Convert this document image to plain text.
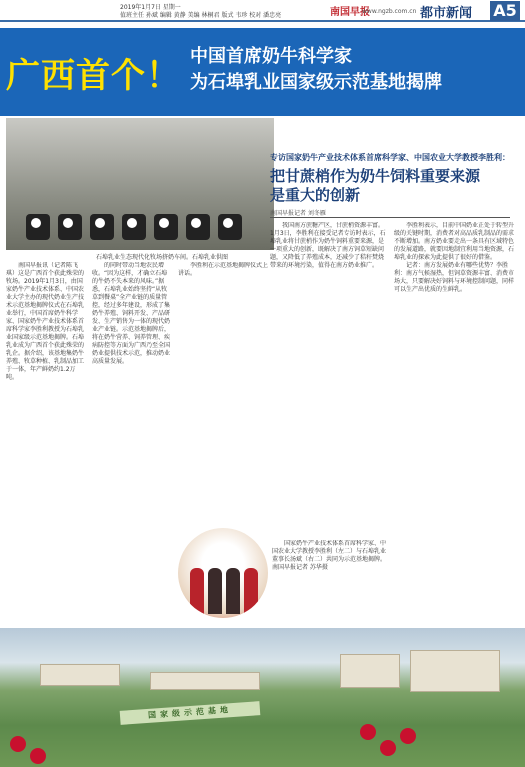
2019年1月7日 星期一
值班主任 孙斌 编辑 黄静 美编 林桐君 版式 韦珍 校对 潘忠亮	南国早报
www.ngzb.com.cn 都市新闻 A5
广西首个！ 中国首席奶牛科学家
为石埠乳业国家级示范基地揭牌
石埠乳业生态现代化牧场挤奶车间。石埠乳业供图
专访国家奶牛产业技术体系首席科学家、中国农业大学教授李胜利：
把甘蔗梢作为奶牛饲料重要来源
是重大的创新
南国早报记者 刘冬雁

南国早报讯（记者陈飞琪）这是广西首个获此殊荣的牧场。2019年1月3日，由国家奶牛产业技术体系、中国农业大学主办的现代奶业生产技术示范基地揭牌仪式在石埠乳业举行，中国首席奶牛科学家、国家奶牛产业技术体系首席科学家李胜利教授为石埠乳业国家级示范基地揭牌。石埠乳业成为广西首个获此殊荣的乳企。据介绍，该基地集奶牛养殖、牧草种植、乳制品加工于一体，年产鲜奶约1.2万吨。

的同时带动当地农民增收。“因为这样，才确立石埠的牛奶不失本来的风味。”据悉，石埠乳业始终坚持“从牧草到餐桌”全产业链的质量管控，经过多年建设，形成了集奶牛养殖、饲料开发、产品研发、生产销售为一体的现代奶业产业链。示范基地揭牌后，将在奶牛营养、饲养管理、疾病防控等方面为广西乃至全国奶业提供技术示范，推动奶业高质量发展。

李胜利在示范基地揭牌仪式上讲话。

我国南方蔗糖产区，甘蔗梢资源丰富。1月3日，李胜利在接受记者专访时表示，石埠乳业将甘蔗梢作为奶牛饲料重要来源，是一项重大的创新，既解决了南方饲草短缺问题，又降低了养殖成本，还减少了秸秆焚烧带来的环境污染，值得在南方奶业推广。

李胜利表示，目前中国奶业正处于转型升级的关键时期，消费者对高品质乳制品的需求不断增加。南方奶业要走出一条具有区域特色的发展道路，就要因地制宜利用当地资源，石埠乳业的探索为此提供了很好的借鉴。

记者：南方发展奶业有哪些优势？李胜利：南方气候湿热，但饲草资源丰富、消费市场大，只要解决好饲料与环境控制问题，同样可以生产出优质的生鲜乳。

国家奶牛产业技术体系首席科学家、中国农业大学教授李胜利（左二）与石埠乳业董事长汤斌（右二）共同为示范基地揭牌。南国早报记者 苏华摄

国家级示范基地
